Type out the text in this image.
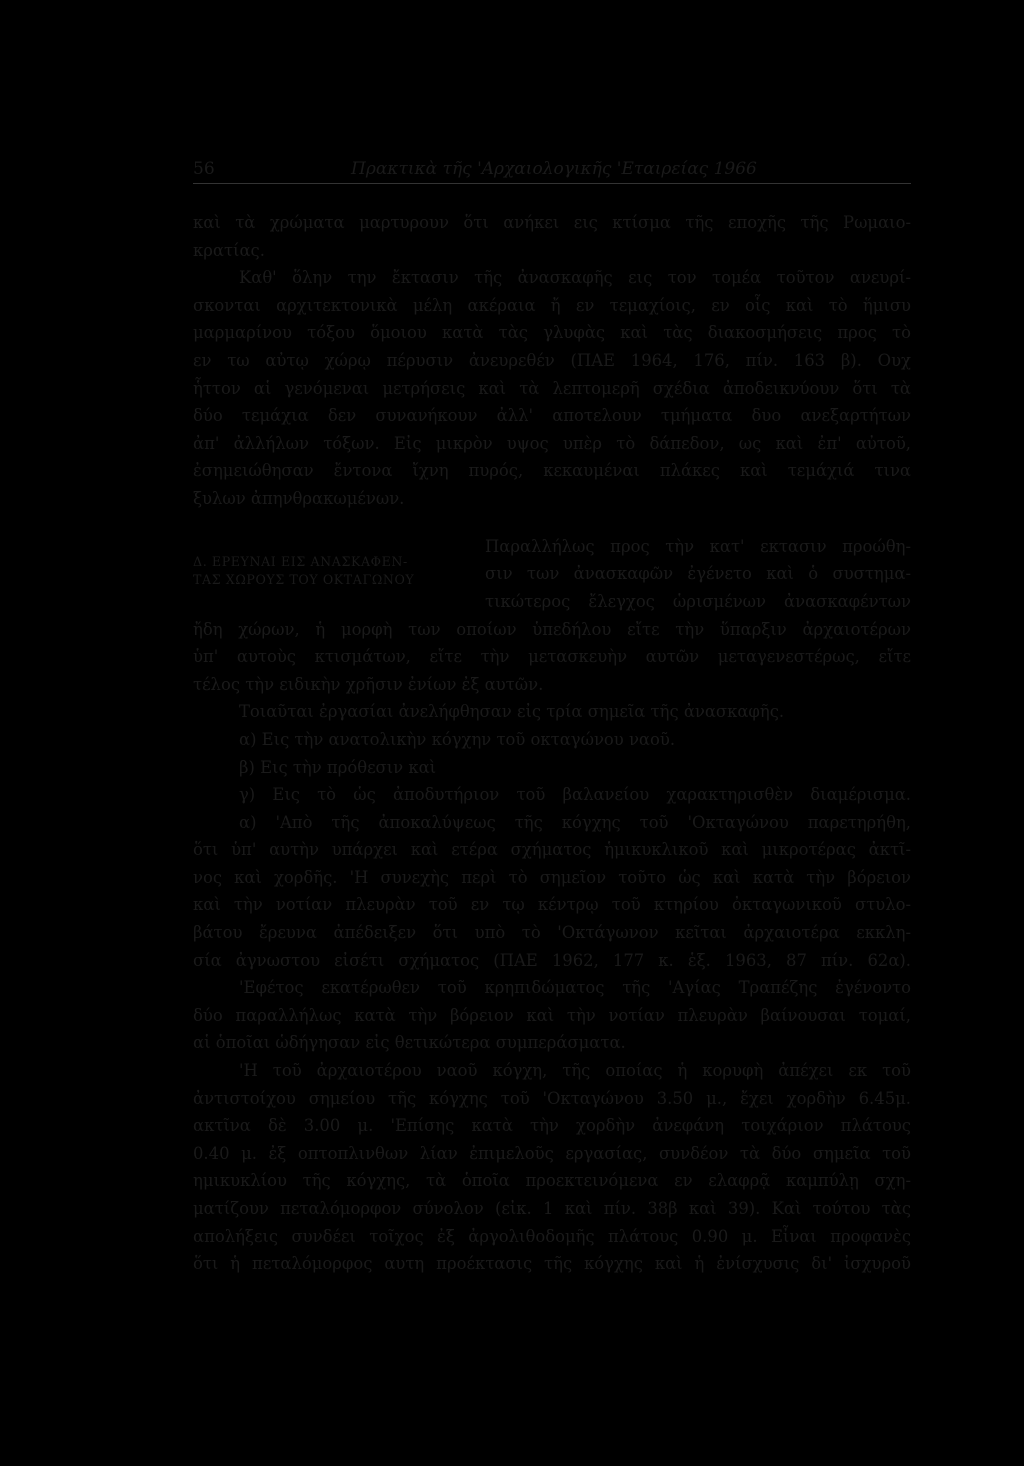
56	Πρακτικὰ τῆς 'Αρχαιολογικῆς 'Εταιρείας 1966
καὶ τὰ χρώματα μαρτυρουν ὅτι ανήκει εις κτίσμα τῆς εποχῆς τῆς Ρωμαιο-
κρατίας.
Καθ' ὅλην την ἔκτασιν τῆς ἀνασκαφῆς εις τον τομέα τοῦτον ανευρί-
σκονται αρχιτεκτονικὰ μέλη ακέραια ἤ εν τεμαχίοις, εν οἷς καὶ τὸ ἥμισυ
μαρμαρίνου τόξου ὅμοιου κατὰ τὰς γλυφὰς καὶ τὰς διακοσμήσεις προς τὸ
εν τω αὐτῳ χώρῳ πέρυσιν ἀνευρεθέν (ΠΑΕ 1964, 176, πίν. 163 β). Ουχ
ἧττον αἱ γενόμεναι μετρήσεις καὶ τὰ λεπτομερῆ σχέδια ἀποδεικνύουν ὅτι τὰ
δύο τεμάχια δεν συνανήκουν ἀλλ' αποτελουν τμήματα δυο ανεξαρτήτων
ἀπ' ἀλλήλων τόξων. Εἰς μικρὸν υψος υπὲρ τὸ δάπεδον, ως καὶ ἐπ' αὐτοῦ,
ἐσημειώθησαν ἔντονα ἴχνη πυρός, κεκαυμέναι πλάκες καὶ τεμάχιά τινα
ξυλων ἀπηνθρακωμένων.
Δ. ΕΡΕΥΝΑΙ ΕΙΣ ΑΝΑΣΚΑΦΕΝ-
ΤΑΣ ΧΩΡΟΥΣ ΤΟΥ ΟΚΤΑΓΩΝΟΥ
Παραλλήλως προς τὴν κατ' εκτασιν προώθη-
σιν των ἀνασκαφῶν ἐγένετο καὶ ὁ συστημα-
τικώτερος ἔλεγχος ὡρισμένων ἀνασκαφέντων
ἤδη χώρων, ἡ μορφὴ των οποίων ὑπεδήλου εἴτε τὴν ὕπαρξιν ἀρχαιοτέρων
ὑπ' αυτοὺς κτισμάτων, εἴτε τὴν μετασκευὴν αυτῶν μεταγενεστέρως, εἴτε
τέλος τὴν ειδικὴν χρῆσιν ἐνίων ἐξ αυτῶν.
Τοιαῦται ἐργασίαι ἀνελήφθησαν εἰς τρία σημεῖα τῆς ἀνασκαφῆς.
α) Εις τὴν ανατολικὴν κόγχην τοῦ οκταγώνου ναοῦ.
β) Εις τὴν πρόθεσιν καὶ
γ) Εις τὸ ὡς ἀποδυτήριον τοῦ βαλανείου χαρακτηρισθὲν διαμέρισμα.
α) 'Απὸ τῆς ἀποκαλύψεως τῆς κόγχης τοῦ 'Οκταγώνου παρετηρήθη,
ὅτι ὑπ' αυτὴν υπάρχει καὶ ετέρα σχήματος ἡμικυκλικοῦ καὶ μικροτέρας ἀκτῖ-
νος καὶ χορδῆς. 'Η συνεχὴς περὶ τὸ σημεῖον τοῦτο ὡς καὶ κατὰ τὴν βόρειον
καὶ τὴν νοτίαν πλευρὰν τοῦ εν τῳ κέντρῳ τοῦ κτηρίου ὀκταγωνικοῦ στυλο-
βάτου ἔρευνα ἀπέδειξεν ὅτι υπὸ τὸ 'Οκτάγωνον κεῖται ἀρχαιοτέρα εκκλη-
σία ἀγνωστου εἰσέτι σχήματος (ΠΑΕ 1962, 177 κ. ἑξ. 1963, 87 πίν. 62α).
'Εφέτος εκατέρωθεν τοῦ κρηπιδώματος τῆς 'Αγίας Τραπέζης ἐγένοντο
δύο παραλλήλως κατὰ τὴν βόρειον καὶ τὴν νοτίαν πλευρὰν βαίνουσαι τομαί,
αἱ ὁποῖαι ὡδήγησαν εἰς θετικώτερα συμπεράσματα.
'Η τοῦ ἀρχαιοτέρου ναοῦ κόγχη, τῆς οποίας ἡ κορυφὴ ἀπέχει εκ τοῦ
ἀντιστοίχου σημείου τῆς κόγχης τοῦ 'Οκταγώνου 3.50 μ., ἔχει χορδὴν 6.45μ.
ακτῖνα δὲ 3.00 μ. 'Επίσης κατὰ τὴν χορδὴν ἀνεφάνη τοιχάριον πλάτους
0.40 μ. ἐξ οπτοπλινθων λίαν ἐπιμελοῦς εργασίας, συνδέον τὰ δύο σημεῖα τοῦ
ημικυκλίου τῆς κόγχης, τὰ ὁποῖα προεκτεινόμενα εν ελαφρᾷ καμπύλῃ σχη-
ματίζουν πεταλόμορφον σύνολον (εἰκ. 1 καὶ πίν. 38β καὶ 39). Καὶ τούτου τὰς
απολήξεις συνδέει τοῖχος ἐξ ἀργολιθοδομῆς πλάτους 0.90 μ. Εἶναι προφανὲς
ὅτι ἡ πεταλόμορφος αυτη προέκτασις τῆς κόγχης καὶ ἡ ἐνίσχυσις δι' ἰσχυροῦ
